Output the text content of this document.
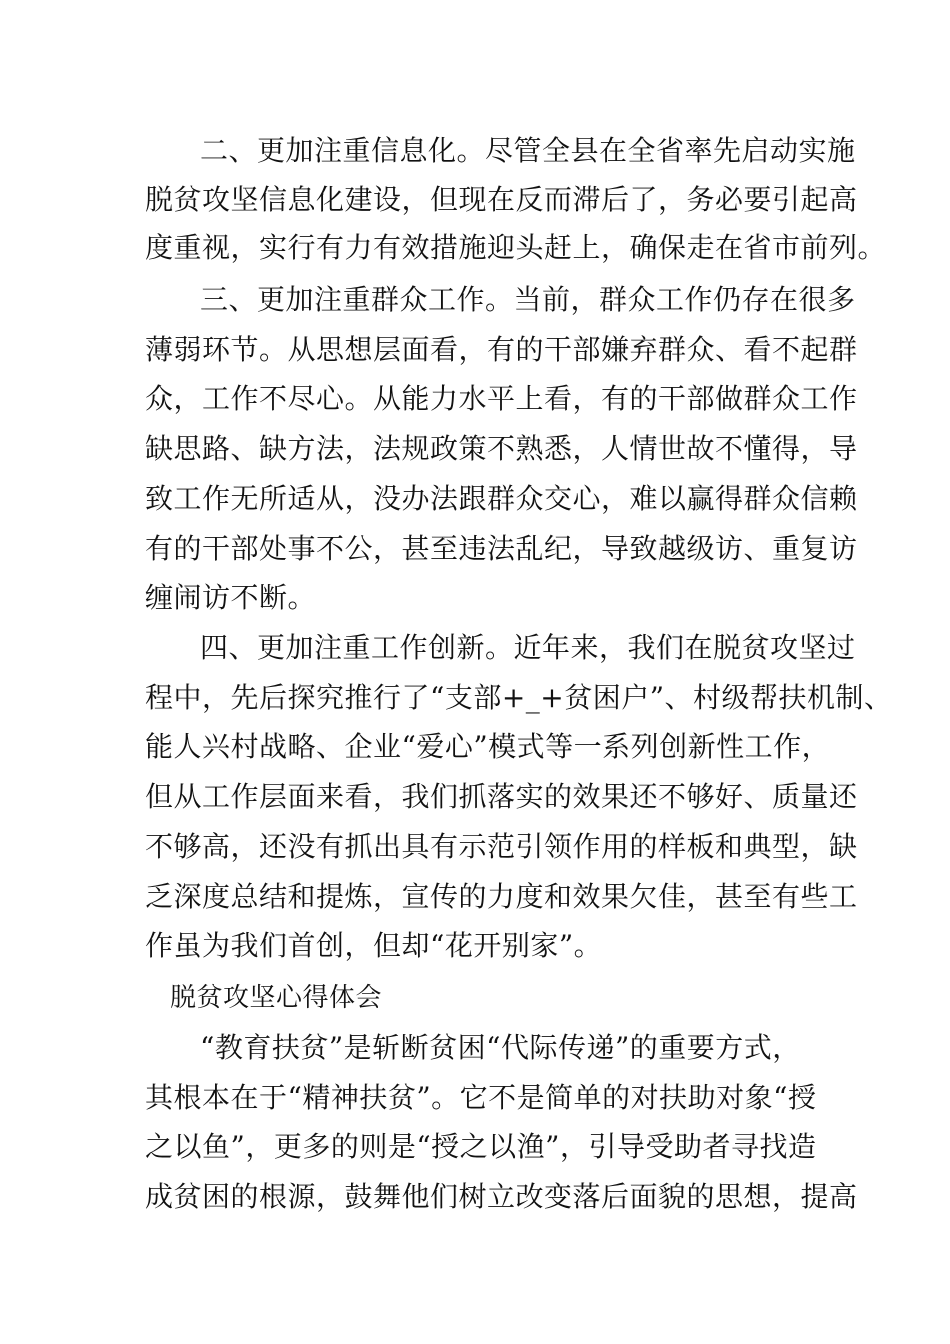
二、更加注重信息化。尽管全县在全省率先启动实施
脱贫攻坚信息化建设，但现在反而滞后了，务必要引起高
度重视，实行有力有效措施迎头赶上，确保走在省市前列。
三、更加注重群众工作。当前，群众工作仍存在很多
薄弱环节。从思想层面看，有的干部嫌弃群众、看不起群
众，工作不尽心。从能力水平上看，有的干部做群众工作
缺思路、缺方法，法规政策不熟悉，人情世故不懂得，导
致工作无所适从，没办法跟群众交心，难以赢得群众信赖
有的干部处事不公，甚至违法乱纪，导致越级访、重复访
缠闹访不断。
四、更加注重工作创新。近年来，我们在脱贫攻坚过
程中，先后探究推行了“支部+_+贫困户”、村级帮扶机制、
能人兴村战略、企业“爱心”模式等一系列创新性工作，
但从工作层面来看，我们抓落实的效果还不够好、质量还
不够高，还没有抓出具有示范引领作用的样板和典型，缺
乏深度总结和提炼，宣传的力度和效果欠佳，甚至有些工
作虽为我们首创，但却“花开别家”。
脱贫攻坚心得体会
“教育扶贫”是斩断贫困“代际传递”的重要方式，
其根本在于“精神扶贫”。它不是简单的对扶助对象“授
之以鱼”，更多的则是“授之以渔”，引导受助者寻找造
成贫困的根源，鼓舞他们树立改变落后面貌的思想，提高
